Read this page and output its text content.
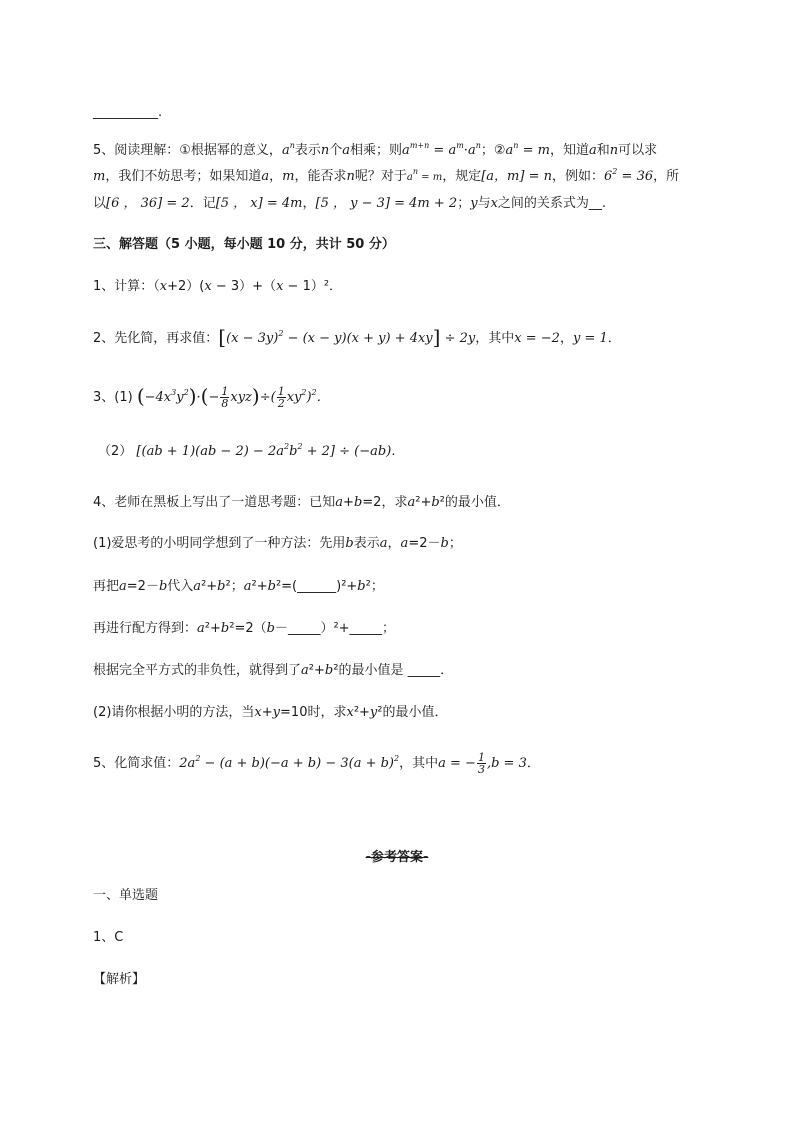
__________.
5、阅读理解：①根据幂的意义，$a^n$表示n个a相乘；则$a^{m+n} = a^m\cdot a^n$；$②a^n = m$，知道a和n可以求
m，我们不妨思考；如果知道a，m，能否求n呢？对于$a^n = m$，规定[a，m] = n，例如：$6^2 = 36$，所
以[6 ， 36] = 2．记[5 ， x] = 4m，[5 ， y − 3] = 4m + 2；y与x之间的关系式为__.
三、解答题（5 小题，每小题 10 分，共计 50 分）
1、计算：（x+2）(x − 3）+（x − 1）²．
2、先化简，再求值：$[(x - 3y)^2 - (x - y)(x + y) + 4xy] \div 2y$，其中x = −2，y = 1．
3、(1) $(-4x^3y^2)\cdot(- \frac{1}{8} xyz)\div( \frac{1}{2} xy^2)^2$．
（2） $[(ab + 1)(ab - 2) - 2a^2b^2 + 2] \div (-ab)$．
4、老师在黑板上写出了一道思考题：已知a+b=2，求a²+b²的最小值．
(1)爱思考的小明同学想到了一种方法：先用b表示a，a=2－b；
再把a=2－b代入a²+b²；a²+b²=(______)²+b²；
再进行配方得到：a²+b²=2（b－_____）²+_____；
根据完全平方式的非负性，就得到了a²+b²的最小值是 _____．
(2)请你根据小明的方法，当x+y=10时，求x²+y²的最小值．
5、化简求值：$2a^2 - (a + b)(-a + b) - 3(a + b)^2$，其中a = − $\frac{1}{3} ,b = 3$．
-参考答案-
一、单选题
1、C
【解析】
